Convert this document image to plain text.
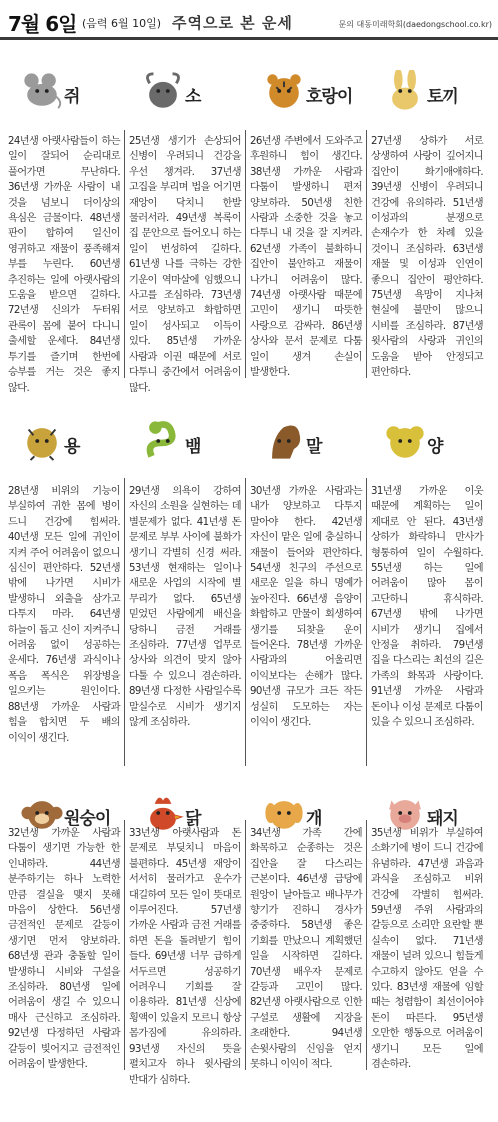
7월 6일 (음력 6월 10일) 주역으로 본 운세	문의 대동미래학회(daedongschool.co.kr)
쥐

24년생 아랫사람들이 하는 일이 잘되어 순리대로 풀어가면 무난하다. 36년생 가까운 사람이 내 것을 넘보니 더이상의 욕심은 금물이다. 48년생 판이 합하여 일신이 영귀하고 재물이 풍족해져 부를 누린다. 60년생 추진하는 일에 아랫사람의 도움을 받으면 길하다. 72년생 신의가 두터워 관록이 몸에 붙어 다니니 출세할 운세다. 84년생 투기를 즐기며 한번에 승부를 거는 것은 좋지 않다.

소

25년생 생기가 손상되어 신병이 우려되니 건강을 우선 챙겨라. 37년생 고집을 부리며 법을 어기면 재앙이 닥치니 한발 물러서라. 49년생 복록이 집 문안으로 들어오니 하는 일이 번성하여 길하다. 61년생 나를 극하는 강한 기운이 역마살에 임했으니 사고를 조심하라. 73년생 서로 양보하고 화합하면 일이 성사되고 이득이 있다. 85년생 가까운 사람과 이권 때문에 서로 다투니 중간에서 어려움이 많다.

호랑이

26년생 주변에서 도와주고 후원하니 힘이 생긴다. 38년생 가까운 사람과 다툼이 발생하니 편저 양보하라. 50년생 친한 사람과 소중한 것을 놓고 다투니 내 것을 잘 지켜라. 62년생 가족이 불화하니 집안이 불안하고 재물이 나가니 어려움이 많다. 74년생 아랫사람 때문에 고민이 생기니 따뜻한 사랑으로 감싸라. 86년생 상사와 문서 문제로 다툼 일이 생겨 손실이 발생한다.

토끼

27년생 상하가 서로 상생하여 사랑이 깊어지니 집안이 화기애애하다. 39년생 신병이 우려되니 건강에 유의하라. 51년생 이성과의 분쟁으로 손재수가 한 차례 있을 것이니 조심하라. 63년생 재물 및 이성과 인연이 좋으니 집안이 평안하다. 75년생 욕망이 지나쳐 현실에 불만이 많으니 시비를 조심하라. 87년생 윗사람의 사랑과 귀인의 도움을 받아 안정되고 편안하다.

용

28년생 비위의 기능이 부실하여 귀한 몸에 병이 드니 건강에 힘써라. 40년생 모든 일에 귀인이 지켜 주어 어려움이 없으니 심신이 편안하다. 52년생 밖에 나가면 시비가 발생하니 외출을 삼가고 다투지 마라. 64년생 하늘이 돕고 신이 지켜주니 어려움 없이 성공하는 운세다. 76년생 과식이나 폭음 폭식은 위장병을 일으키는 원인이다. 88년생 가까운 사람과 힘을 합치면 두 배의 이익이 생긴다.

뱀

29년생 의욕이 강하여 자신의 소원을 실현하는 데 별문제가 없다. 41년생 돈 문제로 부부 사이에 불화가 생기니 각별히 신경 써라. 53년생 현재하는 일이나 새로운 사업의 시작에 별 무리가 없다. 65년생 믿었던 사람에게 배신을 당하니 금전 거래를 조심하라. 77년생 업무로 상사와 의견이 맞지 않아 다툴 수 있으니 겸손하라. 89년생 다정한 사람일수록 말실수로 시비가 생기지 않게 조심하라.

말

30년생 가까운 사람과는 내가 양보하고 다투지 말아야 한다. 42년생 자신이 맡은 일에 충실하니 재물이 들어와 편안하다. 54년생 친구의 주선으로 새로운 일을 하니 명예가 높아진다. 66년생 음양이 화합하고 만물이 회생하여 생기를 되찾을 운이 들어온다. 78년생 가까운 사람과의 어울리면 이익보다는 손해가 많다. 90년생 규모가 크든 작든 성실히 도모하는 자는 이익이 생긴다.

양

31년생 가까운 이웃 때문에 계획하는 일이 제대로 안 된다. 43년생 상하가 화락하니 만사가 형통하여 일이 수월하다. 55년생 하는 일에 어려움이 많아 몸이 고단하니 휴식하라. 67년생 밖에 나가면 시비가 생기니 집에서 안정을 취하라. 79년생 집을 다스리는 최선의 길은 가족의 화목과 사랑이다. 91년생 가까운 사람과 돈이나 이성 문제로 다툼이 있을 수 있으니 조심하라.

원숭이

32년생 가까운 사람과 다툼이 생기면 가능한 한 인내하라. 44년생 분주하기는 하나 노력한 만큼 결실을 맺지 못해 마음이 상한다. 56년생 금전적인 문제로 갈등이 생기면 먼저 양보하라. 68년생 관과 충돌할 일이 발생하니 시비와 구설을 조심하라. 80년생 일에 어려움이 생길 수 있으니 매사 근신하고 조심하라. 92년생 다정하던 사람과 갈등이 빚어지고 금전적인 어려움이 발생한다.

닭

33년생 아랫사람과 돈 문제로 부딪치니 마음이 불편하다. 45년생 재앙이 서서히 물러가고 운수가 대길하여 모든 일이 뜻대로 이루어진다. 57년생 가까운 사람과 금전 거래를 하면 돈을 돌려받기 힘이 들다. 69년생 너무 급하게 서두르면 성공하기 어려우니 기회를 잘 이용하라. 81년생 신상에 횡액이 있을지 모르니 항상 몸가짐에 유의하라. 93년생 자신의 뜻을 펼치고자 하나 윗사람의 반대가 심하다.

개

34년생 가족 간에 화목하고 순종하는 것은 집안을 잘 다스리는 근본이다. 46년생 급당에 원앙이 날아들고 배나무가 향기가 진하니 경사가 중중하다. 58년생 좋은 기회를 만났으니 계획했던 일을 시작하면 길하다. 70년생 배우자 문제로 갈등과 고민이 많다. 82년생 아랫사람으로 인한 구설로 생활에 지장을 초래한다. 94년생 손윗사람의 신임을 얻지 못하니 이익이 적다.

돼지

35년생 비위가 부실하여 소화기에 병이 드니 건강에 유념하라. 47년생 과음과 과식을 조심하고 비위 건강에 각별히 힘써라. 59년생 주위 사람과의 갈등으로 소리만 요란할 뿐 실속이 없다. 71년생 재물이 널려 있으니 힘들게 수고하지 않아도 얻을 수 있다. 83년생 재물에 임할 때는 청렴함이 최선이어야 돈이 따른다. 95년생 오만한 행동으로 어려움이 생기니 모든 일에 겸손하라.
